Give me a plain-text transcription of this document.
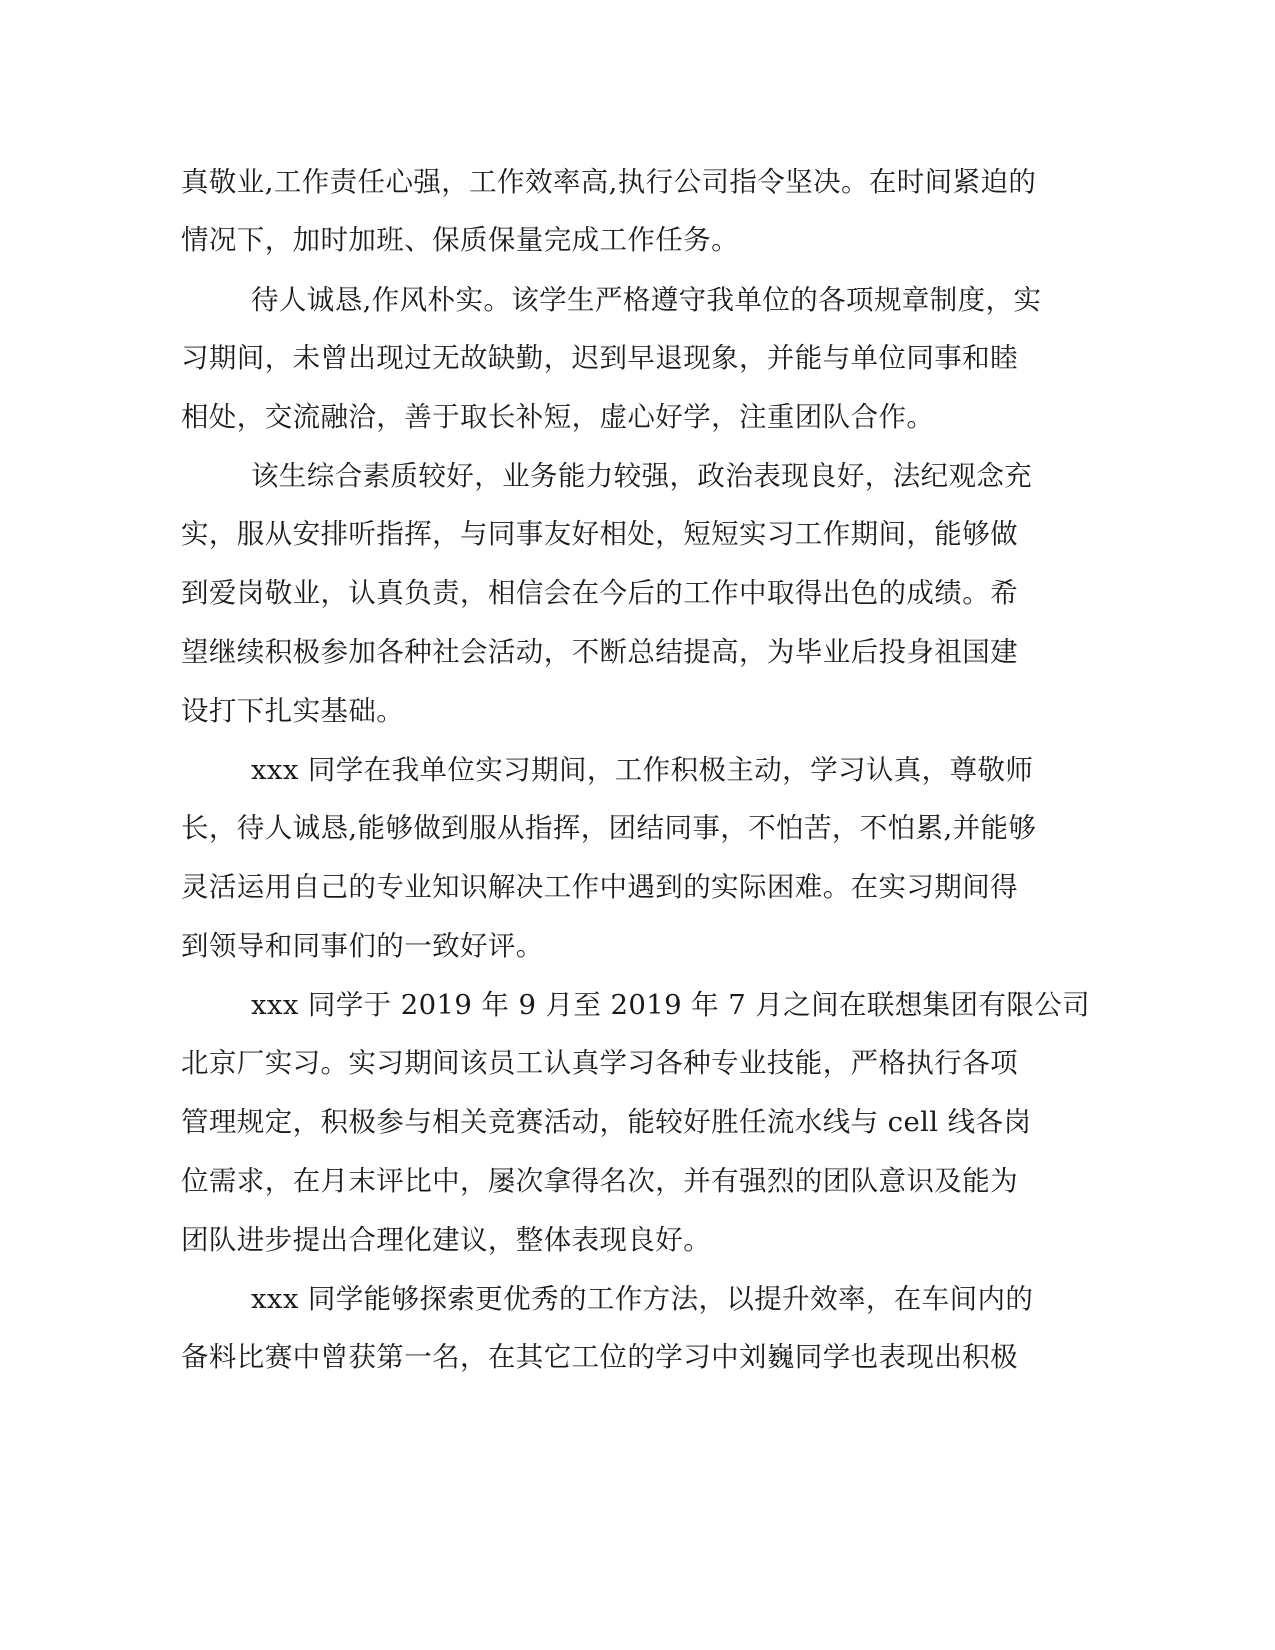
真敬业,工作责任心强，工作效率高,执行公司指令坚决。在时间紧迫的
情况下，加时加班、保质保量完成工作任务。
待人诚恳,作风朴实。该学生严格遵守我单位的各项规章制度，实
习期间，未曾出现过无故缺勤，迟到早退现象，并能与单位同事和睦
相处，交流融洽，善于取长补短，虚心好学，注重团队合作。
该生综合素质较好，业务能力较强，政治表现良好，法纪观念充
实，服从安排听指挥，与同事友好相处，短短实习工作期间，能够做
到爱岗敬业，认真负责，相信会在今后的工作中取得出色的成绩。希
望继续积极参加各种社会活动，不断总结提高，为毕业后投身祖国建
设打下扎实基础。
xxx 同学在我单位实习期间，工作积极主动，学习认真，尊敬师
长，待人诚恳,能够做到服从指挥，团结同事，不怕苦，不怕累,并能够
灵活运用自己的专业知识解决工作中遇到的实际困难。在实习期间得
到领导和同事们的一致好评。
xxx 同学于 2019 年 9 月至 2019 年 7 月之间在联想集团有限公司
北京厂实习。实习期间该员工认真学习各种专业技能，严格执行各项
管理规定，积极参与相关竞赛活动，能较好胜任流水线与 cell 线各岗
位需求，在月末评比中，屡次拿得名次，并有强烈的团队意识及能为
团队进步提出合理化建议，整体表现良好。
xxx 同学能够探索更优秀的工作方法，以提升效率，在车间内的
备料比赛中曾获第一名，在其它工位的学习中刘巍同学也表现出积极
